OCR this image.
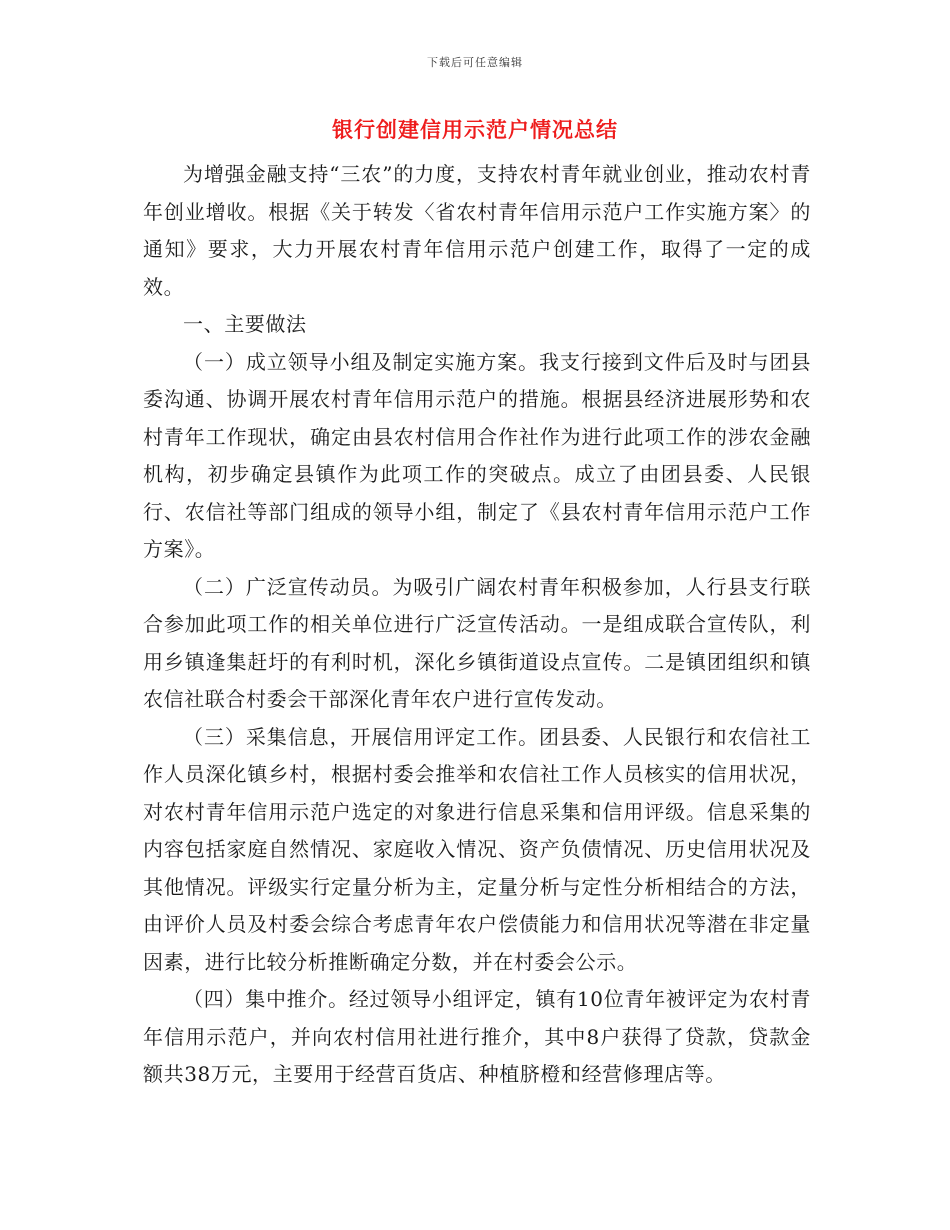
下载后可任意编辑
银行创建信用示范户情况总结

为增强金融支持“三农”的力度，支持农村青年就业创业，推动农村青年创业增收。根据《关于转发〈省农村青年信用示范户工作实施方案〉的通知》要求，大力开展农村青年信用示范户创建工作，取得了一定的成效。

一、主要做法

（一）成立领导小组及制定实施方案。我支行接到文件后及时与团县委沟通、协调开展农村青年信用示范户的措施。根据县经济进展形势和农村青年工作现状，确定由县农村信用合作社作为进行此项工作的涉农金融机构，初步确定县镇作为此项工作的突破点。成立了由团县委、人民银行、农信社等部门组成的领导小组，制定了《县农村青年信用示范户工作方案》。

（二）广泛宣传动员。为吸引广阔农村青年积极参加，人行县支行联合参加此项工作的相关单位进行广泛宣传活动。一是组成联合宣传队，利用乡镇逢集赶圩的有利时机，深化乡镇街道设点宣传。二是镇团组织和镇农信社联合村委会干部深化青年农户进行宣传发动。

（三）采集信息，开展信用评定工作。团县委、人民银行和农信社工作人员深化镇乡村，根据村委会推举和农信社工作人员核实的信用状况，对农村青年信用示范户选定的对象进行信息采集和信用评级。信息采集的内容包括家庭自然情况、家庭收入情况、资产负债情况、历史信用状况及其他情况。评级实行定量分析为主，定量分析与定性分析相结合的方法，由评价人员及村委会综合考虑青年农户偿债能力和信用状况等潜在非定量因素，进行比较分析推断确定分数，并在村委会公示。

（四）集中推介。经过领导小组评定，镇有10位青年被评定为农村青年信用示范户，并向农村信用社进行推介，其中8户获得了贷款，贷款金额共38万元，主要用于经营百货店、种植脐橙和经营修理店等。
